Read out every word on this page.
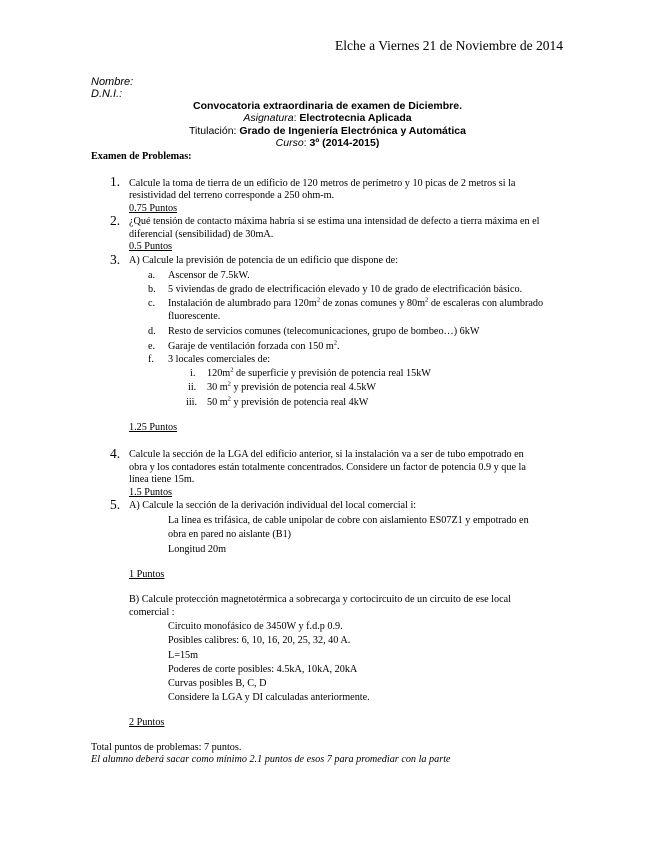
Elche a Viernes 21 de Noviembre de 2014
Nombre:
D.N.I.:
Convocatoria extraordinaria de examen de Diciembre.
Asignatura: Electrotecnia Aplicada
Titulación: Grado de Ingeniería Electrónica y Automática
Curso: 3º (2014-2015)
Examen de Problemas:
1. Calcule la toma de tierra de un edificio de 120 metros de perímetro y 10 picas de 2 metros si la
resistividad del terreno corresponde a 250 ohm-m.
0.75 Puntos
2. ¿Qué tensión de contacto máxima habría si se estima una intensidad de defecto a tierra máxima en el
diferencial (sensibilidad) de 30mA.
0.5 Puntos
3. A) Calcule la previsión de potencia de un edificio que dispone de:
a. Ascensor de 7.5kW.
b. 5 viviendas de grado de electrificación elevado y 10 de grado de electrificación básico.
c. Instalación de alumbrado para $120m^2$ de zonas comunes y $80m^2$ de escaleras con alumbrado
fluorescente.
d. Resto de servicios comunes (telecomunicaciones, grupo de bombeo…) 6kW
e. Garaje de ventilación forzada con 150 $m^2$.
f. 3 locales comerciales de:
i. $120m^2$ de superficie y previsión de potencia real 15kW
ii. 30 $m^2$ y previsión de potencia real 4.5kW
iii. 50 $m^2$ y previsión de potencia real 4kW
1.25 Puntos
4. Calcule la sección de la LGA del edificio anterior, si la instalación va a ser de tubo empotrado en
obra y los contadores están totalmente concentrados. Considere un factor de potencia 0.9 y que la
línea tiene 15m.
1.5 Puntos
5. A) Calcule la sección de la derivación individual del local comercial i:
La línea es trifásica, de cable unipolar de cobre con aislamiento ES07Z1 y empotrado en
obra en pared no aislante (B1)
Longitud 20m
1 Puntos
B) Calcule protección magnetotérmica a sobrecarga y cortocircuito de un circuito de ese local
comercial :
Circuito monofásico de 3450W y f.d.p 0.9.
Posibles calibres: 6, 10, 16, 20, 25, 32, 40 A.
L=15m
Poderes de corte posibles: 4.5kA, 10kA, 20kA
Curvas posibles B, C, D
Considere la LGA y DI calculadas anteriormente.
2 Puntos
Total puntos de problemas: 7 puntos.
El alumno deberá sacar como mínimo 2.1 puntos de esos 7 para promediar con la parte
